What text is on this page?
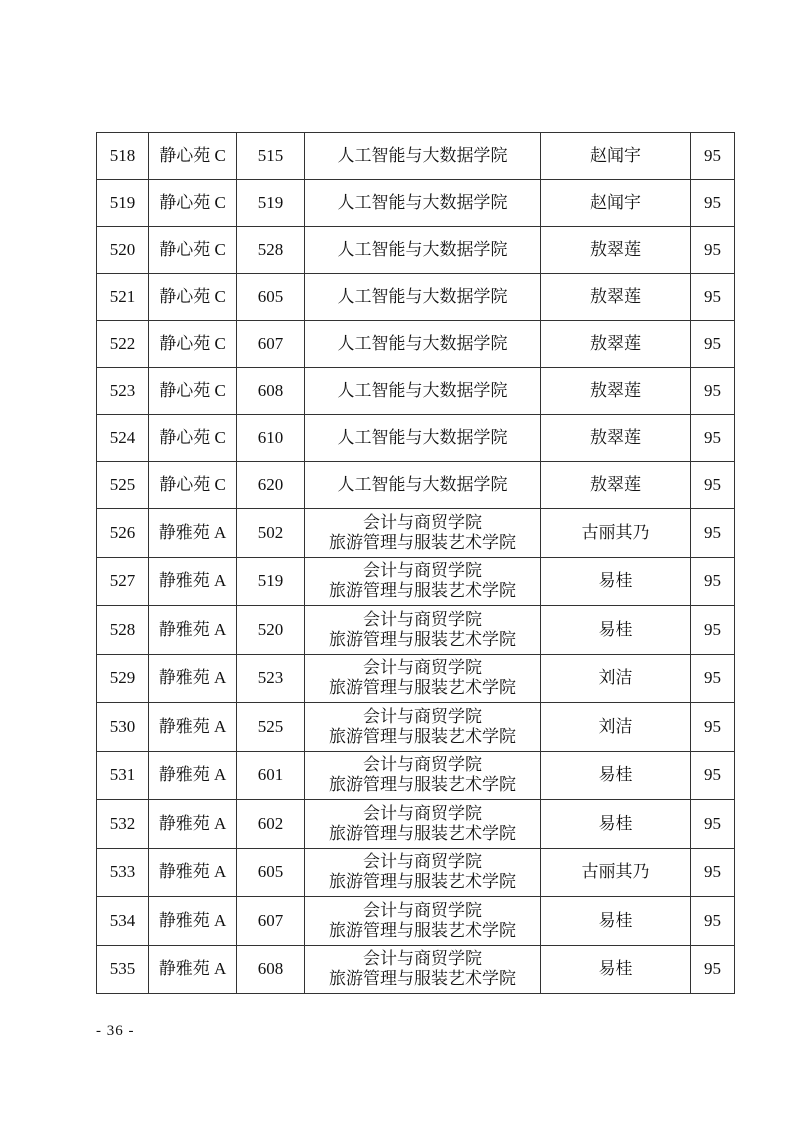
518	静心苑 C	515	人工智能与大数据学院	赵闻宇	95
519	静心苑 C	519	人工智能与大数据学院	赵闻宇	95
520	静心苑 C	528	人工智能与大数据学院	敖翠莲	95
521	静心苑 C	605	人工智能与大数据学院	敖翠莲	95
522	静心苑 C	607	人工智能与大数据学院	敖翠莲	95
523	静心苑 C	608	人工智能与大数据学院	敖翠莲	95
524	静心苑 C	610	人工智能与大数据学院	敖翠莲	95
525	静心苑 C	620	人工智能与大数据学院	敖翠莲	95
526	静雅苑 A	502	会计与商贸学院
旅游管理与服装艺术学院	古丽其乃	95
527	静雅苑 A	519	会计与商贸学院
旅游管理与服装艺术学院	易桂	95
528	静雅苑 A	520	会计与商贸学院
旅游管理与服装艺术学院	易桂	95
529	静雅苑 A	523	会计与商贸学院
旅游管理与服装艺术学院	刘洁	95
530	静雅苑 A	525	会计与商贸学院
旅游管理与服装艺术学院	刘洁	95
531	静雅苑 A	601	会计与商贸学院
旅游管理与服装艺术学院	易桂	95
532	静雅苑 A	602	会计与商贸学院
旅游管理与服装艺术学院	易桂	95
533	静雅苑 A	605	会计与商贸学院
旅游管理与服装艺术学院	古丽其乃	95
534	静雅苑 A	607	会计与商贸学院
旅游管理与服装艺术学院	易桂	95
535	静雅苑 A	608	会计与商贸学院
旅游管理与服装艺术学院	易桂	95
- 36 -
